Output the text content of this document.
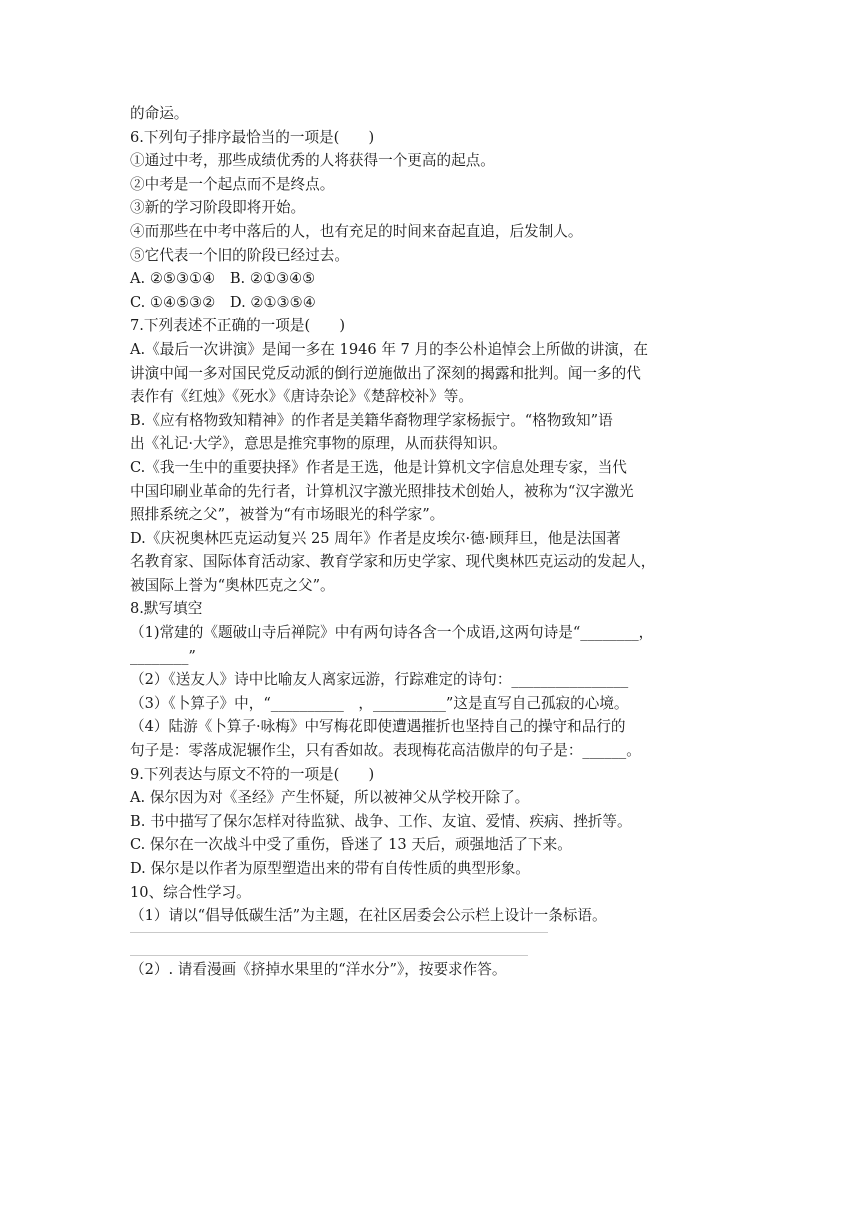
的命运。

6.下列句子排序最恰当的一项是(　　)

①通过中考，那些成绩优秀的人将获得一个更高的起点。

②中考是一个起点而不是终点。

③新的学习阶段即将开始。

④而那些在中考中落后的人，也有充足的时间来奋起直追，后发制人。

⑤它代表一个旧的阶段已经过去。

A. ②⑤③①④　B. ②①③④⑤

C. ①④⑤③②　D. ②①③⑤④

7.下列表述不正确的一项是(　　)

A.《最后一次讲演》是闻一多在 1946 年 7 月的李公朴追悼会上所做的讲演，在

讲演中闻一多对国民党反动派的倒行逆施做出了深刻的揭露和批判。闻一多的代

表作有《红烛》《死水》《唐诗杂论》《楚辞校补》等。

B.《应有格物致知精神》的作者是美籍华裔物理学家杨振宁。“格物致知”语

出《礼记·大学》，意思是推究事物的原理，从而获得知识。

C.《我一生中的重要抉择》作者是王选，他是计算机文字信息处理专家，当代

中国印刷业革命的先行者，计算机汉字激光照排技术创始人，被称为“汉字激光

照排系统之父”，被誉为“有市场眼光的科学家”。

D.《庆祝奥林匹克运动复兴 25 周年》作者是皮埃尔·德·顾拜旦，他是法国著

名教育家、国际体育活动家、教育学家和历史学家、现代奥林匹克运动的发起人，

被国际上誉为“奥林匹克之父”。

8.默写填空

（1)常建的《题破山寺后禅院》中有两句诗各含一个成语,这两句诗是“________，

________”

（2）《送友人》诗中比喻友人离家远游，行踪难定的诗句：________________

（3）《卜算子》中，“__________　，__________”这是直写自己孤寂的心境。

（4）陆游《卜算子·咏梅》中写梅花即使遭遇摧折也坚持自己的操守和品行的

句子是：零落成泥辗作尘，只有香如故。表现梅花高洁傲岸的句子是：______。

9.下列表达与原文不符的一项是(　　)

A. 保尔因为对《圣经》产生怀疑，所以被神父从学校开除了。

B. 书中描写了保尔怎样对待监狱、战争、工作、友谊、爱情、疾病、挫折等。

C. 保尔在一次战斗中受了重伤，昏迷了 13 天后，顽强地活了下来。

D. 保尔是以作者为原型塑造出来的带有自传性质的典型形象。

10、综合性学习。

（1）请以“倡导低碳生活”为主题，在社区居委会公示栏上设计一条标语。

（2）. 请看漫画《挤掉水果里的“洋水分”》，按要求作答。
